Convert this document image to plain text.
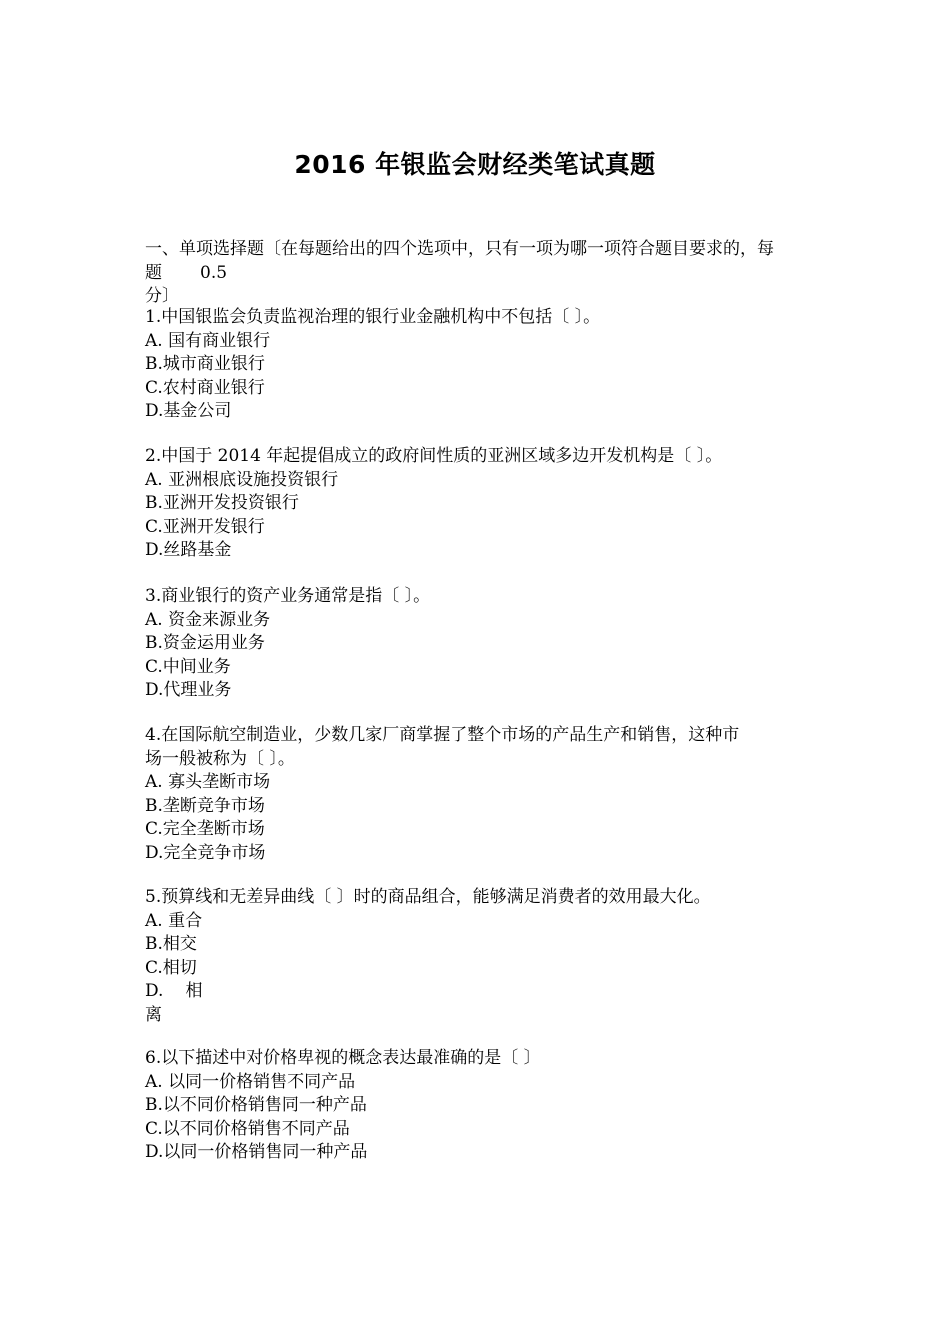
2016 年银监会财经类笔试真题
一、单项选择题〔在每题给出的四个选项中，只有一项为哪一项符合题目要求的，每
题 0.5
分〕
1.中国银监会负责监视治理的银行业金融机构中不包括〔 〕。
A. 国有商业银行
B.城市商业银行
C.农村商业银行
D.基金公司
2.中国于 2014 年起提倡成立的政府间性质的亚洲区域多边开发机构是〔 〕。
A. 亚洲根底设施投资银行
B.亚洲开发投资银行
C.亚洲开发银行
D.丝路基金
3.商业银行的资产业务通常是指〔 〕。
A. 资金来源业务
B.资金运用业务
C.中间业务
D.代理业务
4.在国际航空制造业，少数几家厂商掌握了整个市场的产品生产和销售，这种市
场一般被称为〔 〕。
A. 寡头垄断市场
B.垄断竞争市场
C.完全垄断市场
D.完全竞争市场
5.预算线和无差异曲线〔 〕时的商品组合，能够满足消费者的效用最大化。
A. 重合
B.相交
C.相切
D. 相
离
6.以下描述中对价格卑视的概念表达最准确的是〔 〕
A. 以同一价格销售不同产品
B.以不同价格销售同一种产品
C.以不同价格销售不同产品
D.以同一价格销售同一种产品
